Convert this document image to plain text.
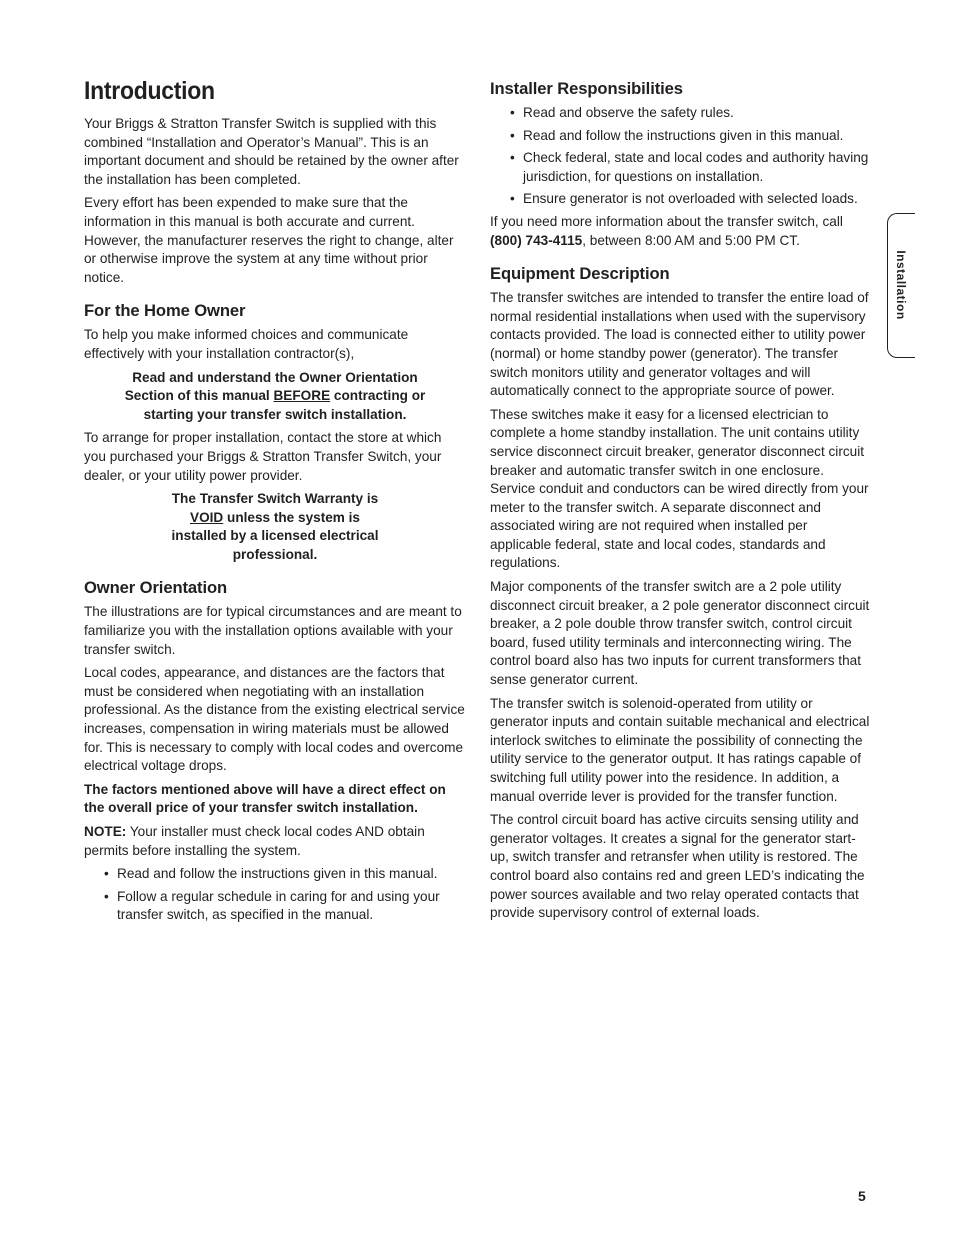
Introduction

Your Briggs & Stratton Transfer Switch is supplied with this combined “Installation and Operator’s Manual”. This is an important document and should be retained by the owner after the installation has been completed.

Every effort has been expended to make sure that the information in this manual is both accurate and current. However, the manufacturer reserves the right to change, alter or otherwise improve the system at any time without prior notice.

For the Home Owner

To help you make informed choices and communicate effectively with your installation contractor(s),

Read and understand the Owner Orientation Section of this manual BEFORE contracting or starting your transfer switch installation.

To arrange for proper installation, contact the store at which you purchased your Briggs & Stratton Transfer Switch, your dealer, or your utility power provider.

The Transfer Switch Warranty is VOID unless the system is installed by a licensed electrical professional.

Owner Orientation

The illustrations are for typical circumstances and are meant to familiarize you with the installation options available with your transfer switch.

Local codes, appearance, and distances are the factors that must be considered when negotiating with an installation professional. As the distance from the existing electrical service increases, compensation in wiring materials must be allowed for. This is necessary to comply with local codes and overcome electrical voltage drops.

The factors mentioned above will have a direct effect on the overall price of your transfer switch installation.

NOTE: Your installer must check local codes AND obtain permits before installing the system.

• Read and follow the instructions given in this manual.
• Follow a regular schedule in caring for and using your transfer switch, as specified in the manual.
Installer Responsibilities
• Read and observe the safety rules.
• Read and follow the instructions given in this manual.
• Check federal, state and local codes and authority having jurisdiction, for questions on installation.
• Ensure generator is not overloaded with selected loads.

If you need more information about the transfer switch, call (800) 743-4115, between 8:00 AM and 5:00 PM CT.

Equipment Description

The transfer switches are intended to transfer the entire load of normal residential installations when used with the supervisory contacts provided. The load is connected either to utility power (normal) or home standby power (generator). The transfer switch monitors utility and generator voltages and will automatically connect to the appropriate source of power.

These switches make it easy for a licensed electrician to complete a home standby installation. The unit contains utility service disconnect circuit breaker, generator disconnect circuit breaker and automatic transfer switch in one enclosure. Service conduit and conductors can be wired directly from your meter to the transfer switch. A separate disconnect and associated wiring are not required when installed per applicable federal, state and local codes, standards and regulations.

Major components of the transfer switch are a 2 pole utility disconnect circuit breaker, a 2 pole generator disconnect circuit breaker, a 2 pole double throw transfer switch, control circuit board, fused utility terminals and interconnecting wiring. The control board also has two inputs for current transformers that sense generator current.

The transfer switch is solenoid-operated from utility or generator inputs and contain suitable mechanical and electrical interlock switches to eliminate the possibility of connecting the utility service to the generator output. It has ratings capable of switching full utility power into the residence. In addition, a manual override lever is provided for the transfer function.

The control circuit board has active circuits sensing utility and generator voltages. It creates a signal for the generator start-up, switch transfer and retransfer when utility is restored. The control board also contains red and green LED’s indicating the power sources available and two relay operated contacts that provide supervisory control of external loads.

Installation
5
